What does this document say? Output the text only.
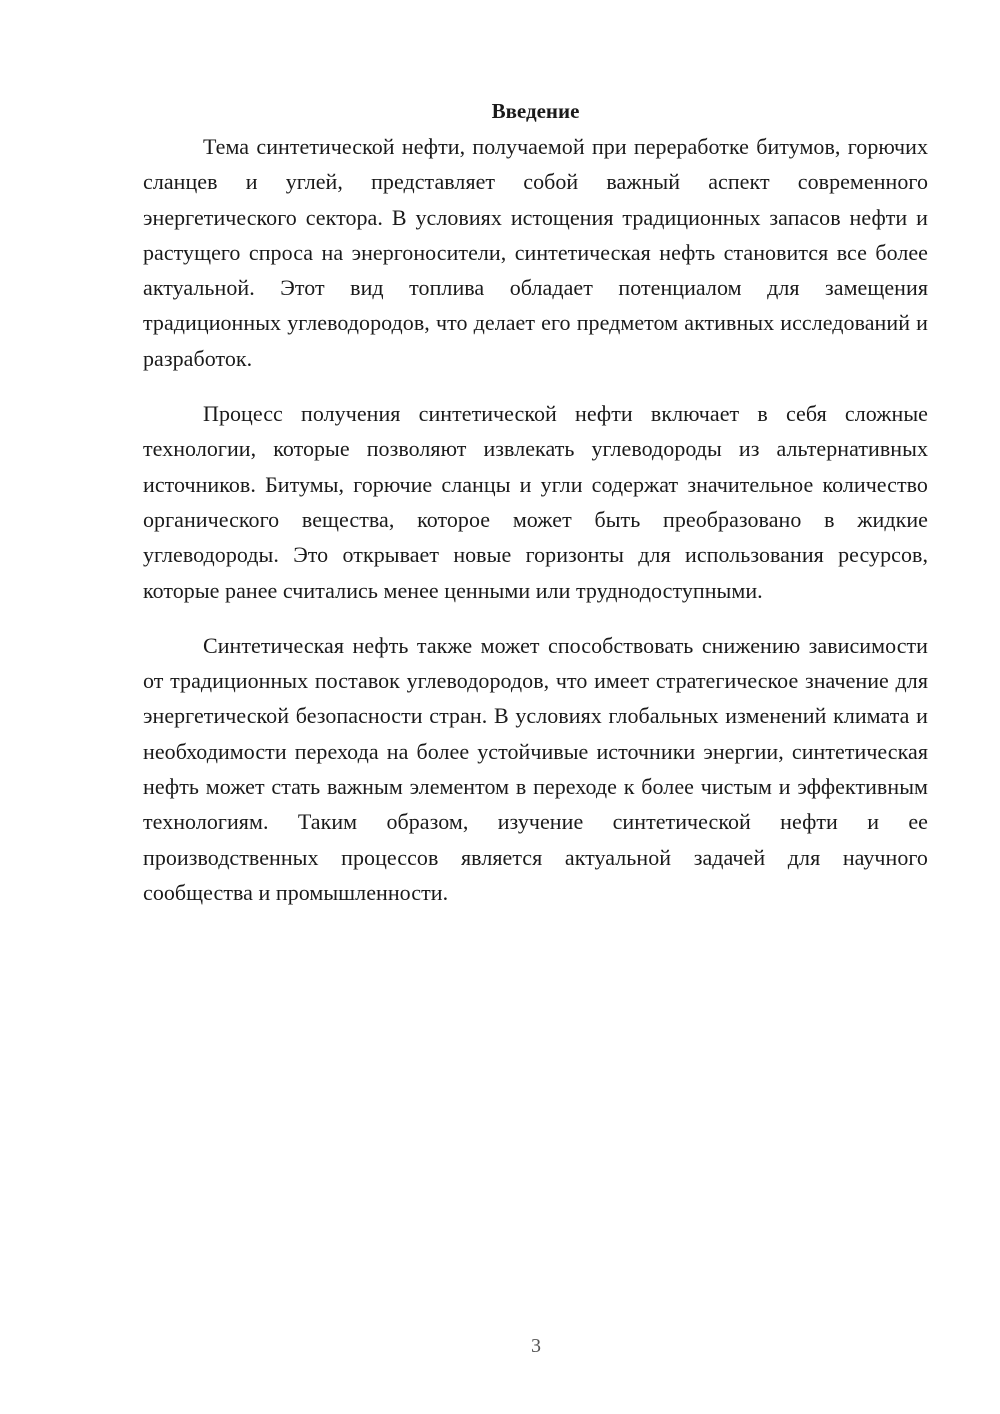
Введение

Тема синтетической нефти, получаемой при переработке битумов, горючих сланцев и углей, представляет собой важный аспект современного энергетического сектора. В условиях истощения традиционных запасов нефти и растущего спроса на энергоносители, синтетическая нефть становится все более актуальной. Этот вид топлива обладает потенциалом для замещения традиционных углеводородов, что делает его предметом активных исследований и разработок.

Процесс получения синтетической нефти включает в себя сложные технологии, которые позволяют извлекать углеводороды из альтернативных источников. Битумы, горючие сланцы и угли содержат значительное количество органического вещества, которое может быть преобразовано в жидкие углеводороды. Это открывает новые горизонты для использования ресурсов, которые ранее считались менее ценными или труднодоступными.

Синтетическая нефть также может способствовать снижению зависимости от традиционных поставок углеводородов, что имеет стратегическое значение для энергетической безопасности стран. В условиях глобальных изменений климата и необходимости перехода на более устойчивые источники энергии, синтетическая нефть может стать важным элементом в переходе к более чистым и эффективным технологиям. Таким образом, изучение синтетической нефти и ее производственных процессов является актуальной задачей для научного сообщества и промышленности.

3
